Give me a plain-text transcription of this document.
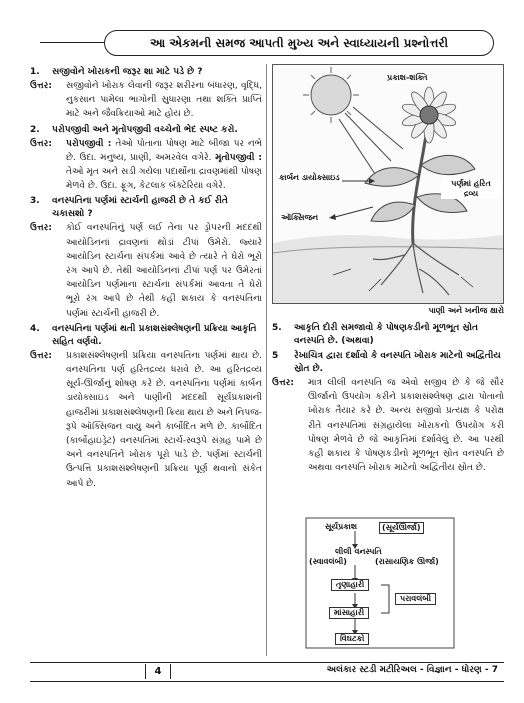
આ એકમની સમજ આપતી મુખ્ય અને સ્વાધ્યાયની પ્રશ્નોત્તરી
1.	સજીવોને ખોરાકની જરૂર શા માટે પડે છે ?
ઉત્તર:	સજીવોને ખોરાક લેવાની જરૂર શરીરના બંધારણ, વૃદ્ધિ, નુકસાન પામેલા ભાગોની સુધારણા તથા શક્તિ પ્રાપ્તિ માટે અને જૈવક્રિયાઓ માટે હોય છે.
2.	પરોપજીવી અને મૃતોપજીવી વચ્ચેનો ભેદ સ્પષ્ટ કરો.
ઉત્તર:	પરોપજીવી : તેઓ પોતાના પોષણ માટે બીજા પર નભે છે. ઉદા. મનુષ્ય, પ્રાણી, અમરવેલ વગેરે. મૃતોપજીવી : તેઓ મૃત અને સડી ગયેલા પદાર્થોના દ્રાવણમાંથી પોષણ મેળવે છે. ઉદા. ફૂગ, કેટલાક બૅક્ટેરિયા વગેરે.
3.	વનસ્પતિના પર્ણમાં સ્ટાર્ચની હાજરી છે તે કઈ રીતે ચકાસશો ?
ઉત્તર:	કોઈ વનસ્પતિનું પર્ણ લઈ તેના પર ડ્રોપરની મદદથી આયોડિનનાં દ્રાવણનાં થોડાં ટીપાં ઉમેરો. જ્યારે આયોડિન સ્ટાર્ચના સંપર્કમાં આવે છે ત્યારે તે ઘેરો ભૂરો રંગ આપે છે. તેથી આયોડિનનાં ટીપાં પર્ણ પર ઉમેરતાં આયોડિન પર્ણમાના સ્ટાર્ચના સંપર્કમાં આવતા તે ઘેરો ભૂરો રંગ આપે છે તેથી કહી શકાય કે વનસ્પતિના પર્ણમાં સ્ટાર્ચની હાજરી છે.
4.	વનસ્પતિના પર્ણમાં થતી પ્રકાશસંશ્લેષણની પ્રક્રિયા આકૃતિ સહિત વર્ણવો.
ઉત્તર:	પ્રકાશસંશ્લેષણની પ્રક્રિયા વનસ્પતિના પર્ણમાં થાય છે. વનસ્પતિના પર્ણ હરિતદ્રવ્ય ધરાવે છે. આ હરિતદ્રવ્ય સૂર્ય-ઊર્જાનું શોષણ કરે છે. વનસ્પતિના પર્ણમાં કાર્બન ડાયોક્સાઇડ અને પાણીની મદદથી સૂર્યપ્રકાશની હાજરીમાં પ્રકાશસંશ્લેષણની ક્રિયા થાય છે અને નિપજ-રૂપે ઑક્સિજન વાયુ અને કાર્બોદિત મળે છે. કાર્બોદિત (કાર્બોહાઇડ્રેટ) વનસ્પતિમાં સ્ટાર્ચ-સ્વરૂપે સંગ્રહ પામે છે અને વનસ્પતિને ખોરાક પૂરો પાડે છે. પર્ણમાં સ્ટાર્ચની ઉત્પત્તિ પ્રકાશસંશ્લેષણની પ્રક્રિયા પૂર્ણ થવાનો સંકેત આપે છે.
પ્રકાશ-શક્તિ
કાર્બન ડાયોક્સાઇડ
પર્ણમાં હરિત દ્રવ્ય
ઑક્સિજન
પાણી અને ખનીજ ક્ષારો
5.	આકૃતિ દોરી સમજાવો કે પોષણકડીનો મૂળભૂત સ્રોત વનસ્પતિ છે. (અથવા)
5	રેખાચિત્ર દ્વારા દર્શાવો કે વનસ્પતિ ખોરાક માટેનો અદ્વિતીય સ્રોત છે.
ઉત્તર:	માત્ર લીલી વનસ્પતિ જ એવો સજીવ છે કે જે સૌર ઊર્જાનો ઉપયોગ કરીને પ્રકાશસંશ્લેષણ દ્વારા પોતાનો ખોરાક તૈયાર કરે છે. અન્ય સજીવો પ્રત્યક્ષ કે પરોક્ષ રીતે વનસ્પતિમાં સંગ્રહાયેલા ખોરાકનો ઉપયોગ કરી પોષણ મેળવે છે જે આકૃતિમાં દર્શાવેલું છે. આ પરથી કહી શકાય કે પોષણકડીનો મૂળભૂત સ્રોત વનસ્પતિ છે અથવા વનસ્પતિ ખોરાક માટેનો અદ્વિતીય સ્રોત છે.
સૂર્યપ્રકાશ	(સૂર્યઊર્જા)
લીલી વનસ્પતિ
(સ્વાવલંબી)	(રાસાયણિક ઊર્જા)
તૃણાહારી
માંસાહારી
પરાવલંબી
વિઘટકો
4	અલંકાર સ્ટડી મટીરિઅલ - વિજ્ઞાન - ધોરણ - 7
